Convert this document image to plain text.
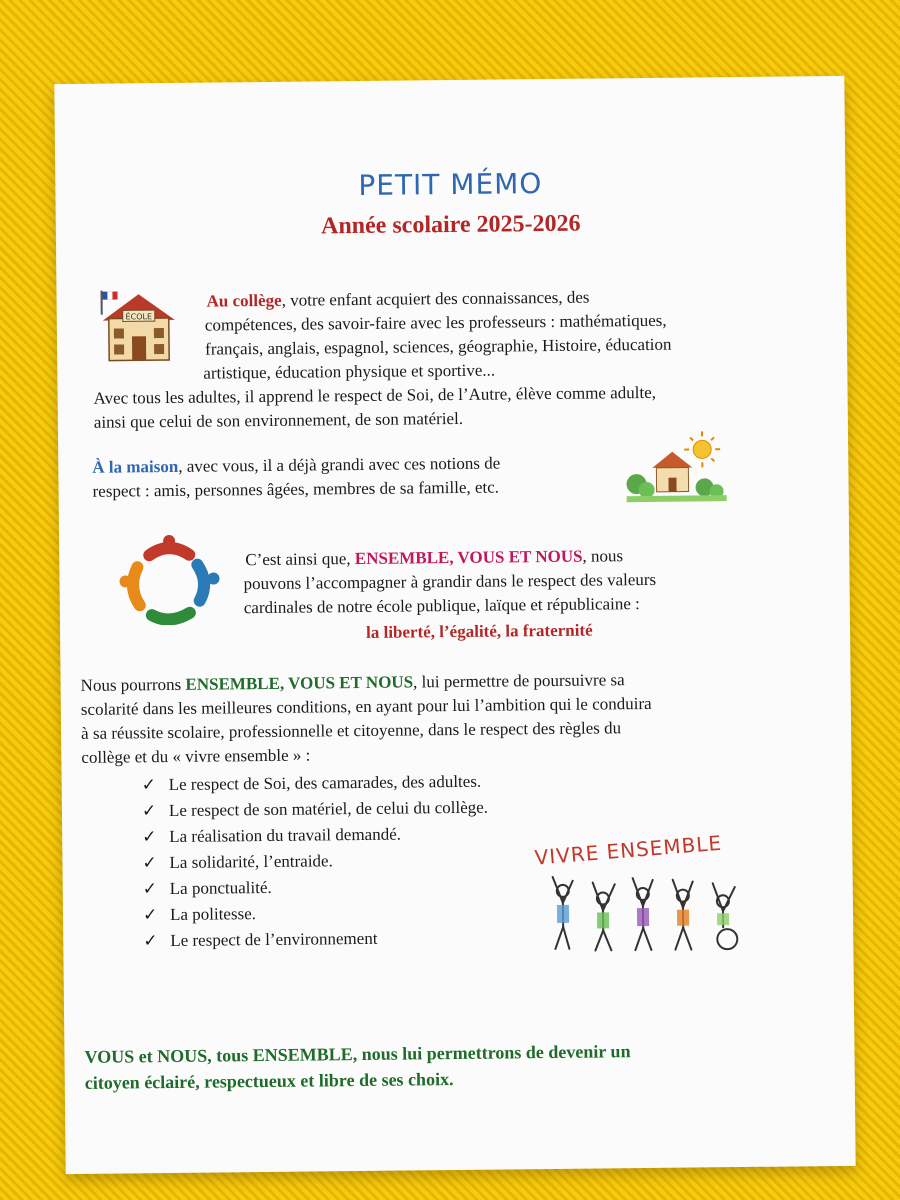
PETIT MÉMO
Année scolaire 2025-2026
ÉCOLE
Au collège, votre enfant acquiert des connaissances, des
compétences, des savoir-faire avec les professeurs : mathématiques,
français, anglais, espagnol, sciences, géographie, Histoire, éducation
artistique, éducation physique et sportive...
Avec tous les adultes, il apprend le respect de Soi, de l’Autre, élève comme adulte,
ainsi que celui de son environnement, de son matériel.
À la maison, avec vous, il a déjà grandi avec ces notions de
respect : amis, personnes âgées, membres de sa famille, etc.
C’est ainsi que, ENSEMBLE, VOUS ET NOUS, nous
pouvons l’accompagner à grandir dans le respect des valeurs
cardinales de notre école publique, laïque et républicaine :
la liberté, l’égalité, la fraternité
Nous pourrons ENSEMBLE, VOUS ET NOUS, lui permettre de poursuivre sa
scolarité dans les meilleures conditions, en ayant pour lui l’ambition qui le conduira
à sa réussite scolaire, professionnelle et citoyenne, dans le respect des règles du
collège et du « vivre ensemble » :
✓ Le respect de Soi, des camarades, des adultes.
✓ Le respect de son matériel, de celui du collège.
✓ La réalisation du travail demandé.
✓ La solidarité, l’entraide.
✓ La ponctualité.
✓ La politesse.
✓ Le respect de l’environnement
VIVRE ENSEMBLE
VOUS et NOUS, tous ENSEMBLE, nous lui permettrons de devenir un
citoyen éclairé, respectueux et libre de ses choix.
